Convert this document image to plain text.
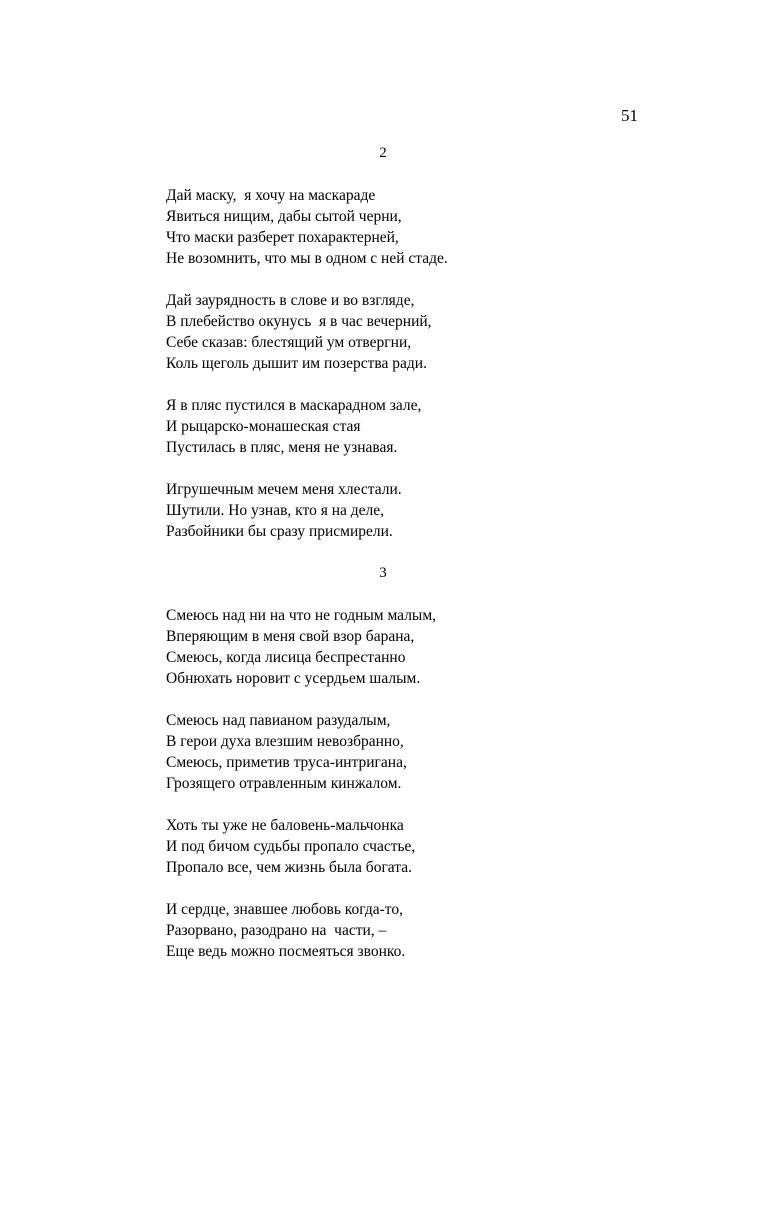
51
2
Дай маску,  я хочу на маскараде
Явиться нищим, дабы сытой черни,
Что маски разберет похарактерней,
Не возомнить, что мы в одном с ней стаде.
Дай заурядность в слове и во взгляде,
В плебейство окунусь  я в час вечерний,
Себе сказав: блестящий ум отвергни,
Коль щеголь дышит им позерства ради.
Я в пляс пустился в маскарадном зале,
И рыцарско-монашеская стая
Пустилась в пляс, меня не узнавая.
Игрушечным мечем меня хлестали.
Шутили. Но узнав, кто я на деле,
Разбойники бы сразу присмирели.
3
Смеюсь над ни на что не годным малым,
Вперяющим в меня свой взор барана,
Смеюсь, когда лисица беспрестанно
Обнюхать норовит с усердьем шалым.
Смеюсь над павианом разудалым,
В герои духа влезшим невозбранно,
Смеюсь, приметив труса-интригана,
Грозящего отравленным кинжалом.
Хоть ты уже не баловень-мальчонка
И под бичом судьбы пропало счастье,
Пропало все, чем жизнь была богата.
И сердце, знавшее любовь когда-то,
Разорвано, разодрано на  части, –
Еще ведь можно посмеяться звонко.
